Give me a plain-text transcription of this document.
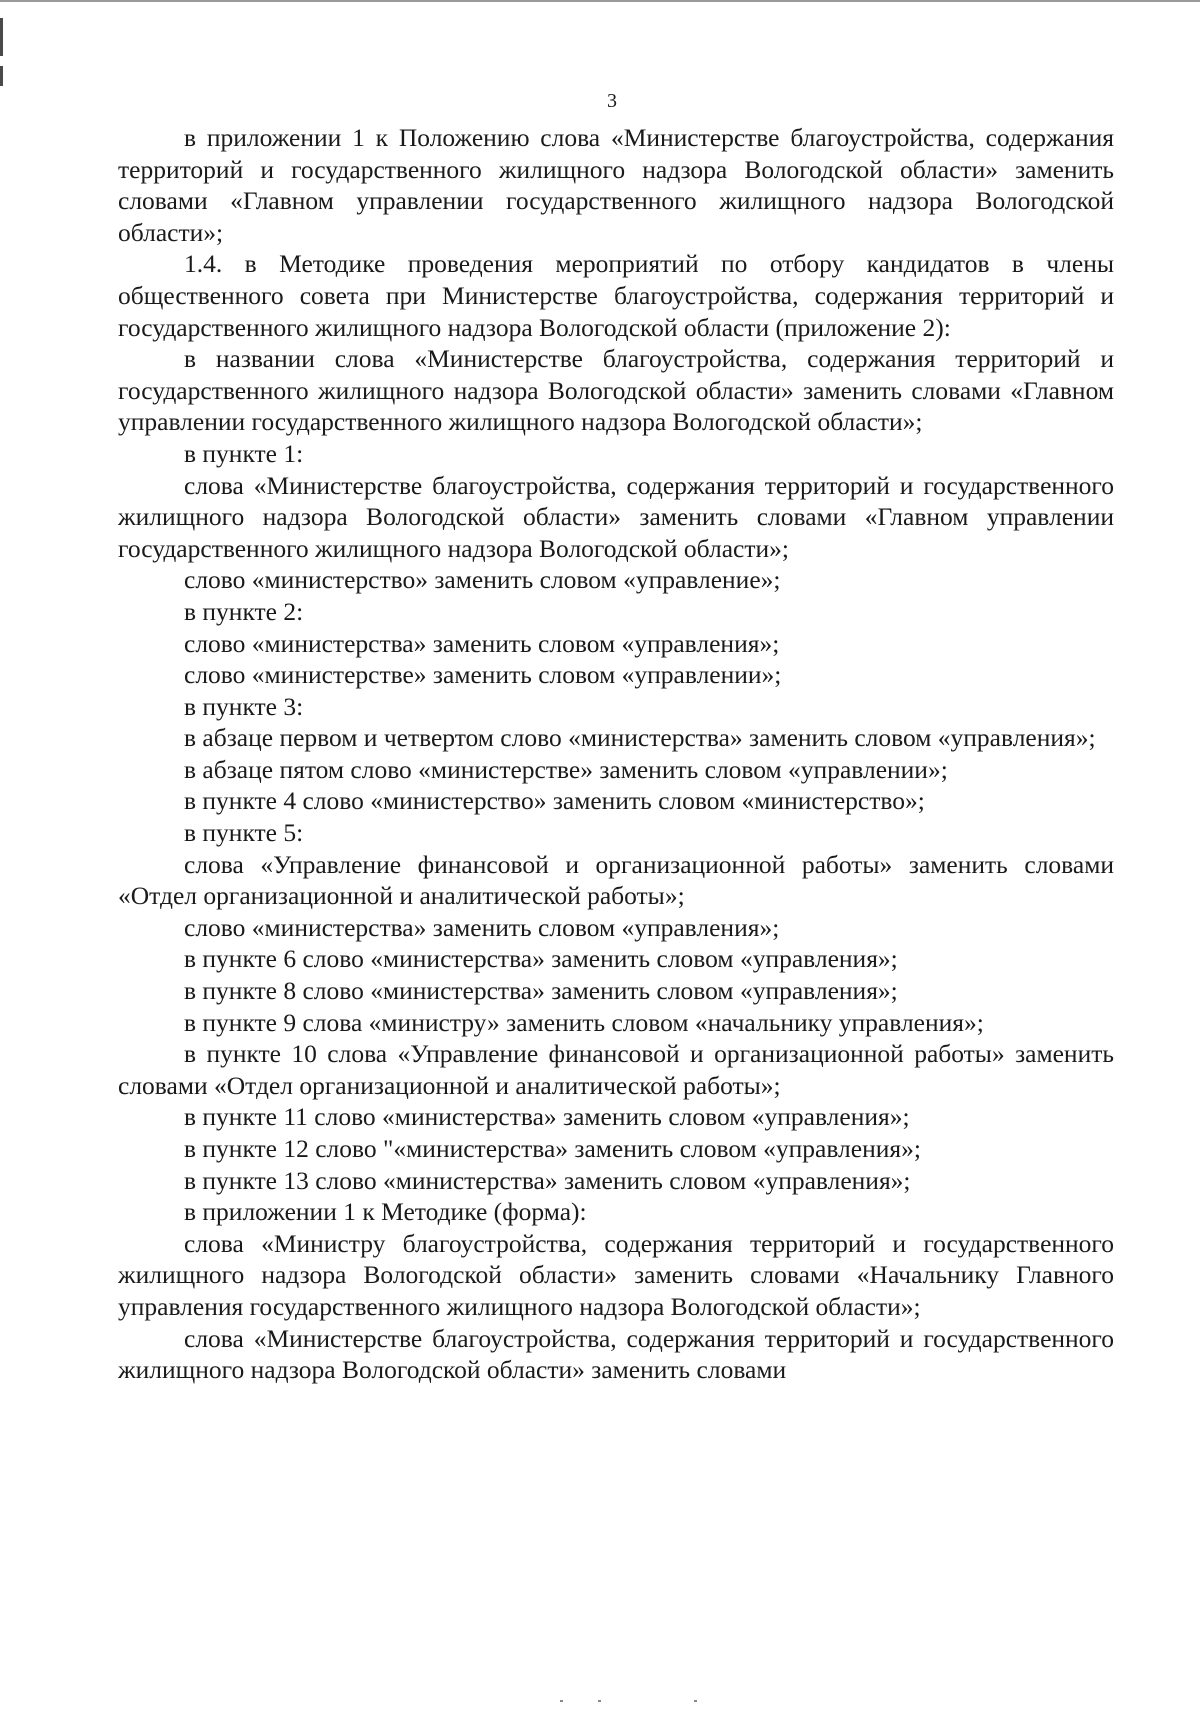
3

в приложении 1 к Положению слова «Министерстве благоустройства, содержания территорий и государственного жилищного надзора Вологодской области» заменить словами «Главном управлении государственного жилищного надзора Вологодской области»;

1.4. в Методике проведения мероприятий по отбору кандидатов в члены общественного совета при Министерстве благоустройства, содержания территорий и государственного жилищного надзора Вологодской области (приложение 2):

в названии слова «Министерстве благоустройства, содержания территорий и государственного жилищного надзора Вологодской области» заменить словами «Главном управлении государственного жилищного надзора Вологодской области»;

в пункте 1:

слова «Министерстве благоустройства, содержания территорий и государственного жилищного надзора Вологодской области» заменить словами «Главном управлении государственного жилищного надзора Вологодской области»;

слово «министерство» заменить словом «управление»;

в пункте 2:

слово «министерства» заменить словом «управления»;

слово «министерстве» заменить словом «управлении»;

в пункте 3:

в абзаце первом и четвертом слово «министерства» заменить словом «управления»;

в абзаце пятом слово «министерстве» заменить словом «управлении»;

в пункте 4 слово «министерство» заменить словом «министерство»;

в пункте 5:

слова «Управление финансовой и организационной работы» заменить словами «Отдел организационной и аналитической работы»;

слово «министерства» заменить словом «управления»;

в пункте 6 слово «министерства» заменить словом «управления»;

в пункте 8 слово «министерства» заменить словом «управления»;

в пункте 9 слова «министру» заменить словом «начальнику управления»;

в пункте 10 слова «Управление финансовой и организационной работы» заменить словами «Отдел организационной и аналитической работы»;

в пункте 11 слово «министерства» заменить словом «управления»;

в пункте 12 слово "«министерства» заменить словом «управления»;

в пункте 13 слово «министерства» заменить словом «управления»;

в приложении 1 к Методике (форма):

слова «Министру благоустройства, содержания территорий и государственного жилищного надзора Вологодской области» заменить словами «Начальнику Главного управления государственного жилищного надзора Вологодской области»;

слова «Министерстве благоустройства, содержания территорий и государственного жилищного надзора Вологодской области» заменить словами
